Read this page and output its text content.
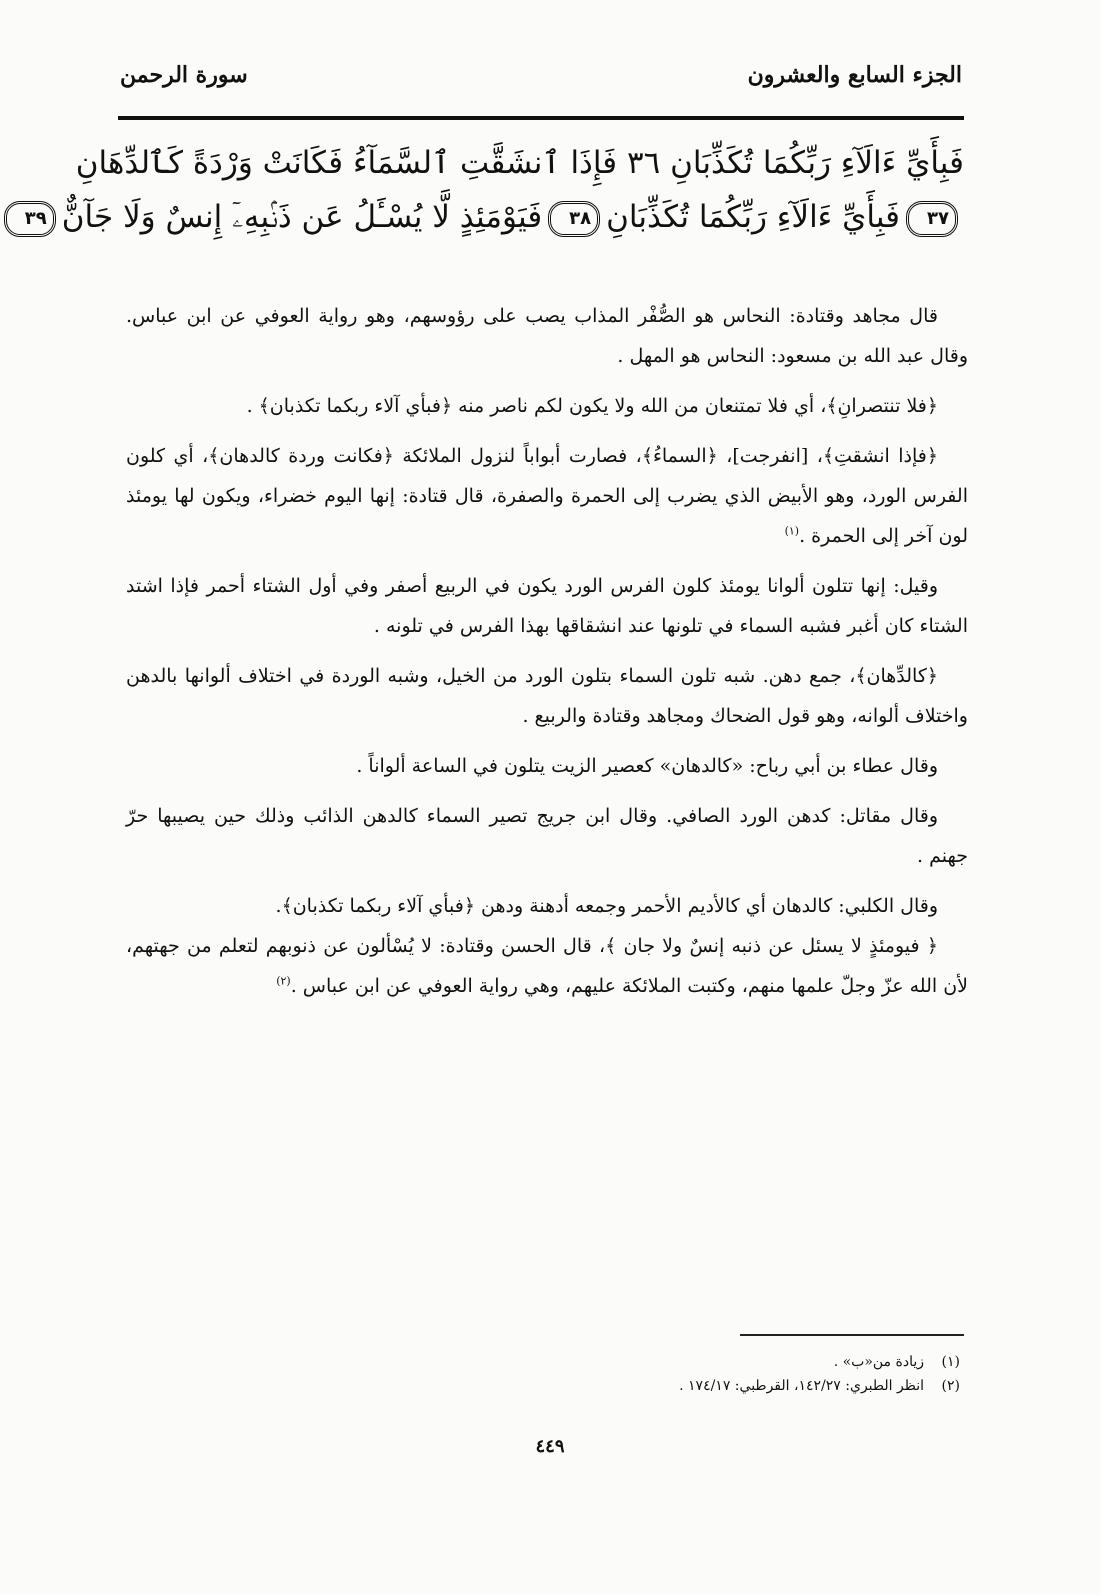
الجزء السابع والعشرون
سورة الرحمن
فَبِأَيِّ ءَالَآءِ رَبِّكُمَا تُكَذِّبَانِ ٣٦ فَإِذَا ٱنشَقَّتِ ٱلسَّمَآءُ فَكَانَتْ وَرْدَةً كَٱلدِّهَانِ
٣٧فَبِأَيِّ ءَالَآءِ رَبِّكُمَا تُكَذِّبَانِ٣٨فَيَوْمَئِذٍ لَّا يُسْـَٔلُ عَن ذَنۢبِهِۦٓ إِنسٌ وَلَا جَآنٌّ٣٩

قال مجاهد وقتادة: النحاس هو الصُّفْر المذاب يصب على رؤوسهم، وهو رواية العوفي عن ابن عباس. وقال عبد الله بن مسعود: النحاس هو المهل .

﴿فلا تنتصرانِ﴾، أي فلا تمتنعان من الله ولا يكون لكم ناصر منه ﴿فبأي آلاء ربكما تكذبان﴾ .

﴿فإذا انشقتِ﴾، [انفرجت]، ﴿السماءُ﴾، فصارت أبواباً لنزول الملائكة ﴿فكانت وردة كالدهان﴾، أي كلون الفرس الورد، وهو الأبيض الذي يضرب إلى الحمرة والصفرة، قال قتادة: إنها اليوم خضراء، ويكون لها يومئذ لون آخر إلى الحمرة .$^{(١)}$

وقيل: إنها تتلون ألوانا يومئذ كلون الفرس الورد يكون في الربيع أصفر وفي أول الشتاء أحمر فإذا اشتد الشتاء كان أغبر فشبه السماء في تلونها عند انشقاقها بهذا الفرس في تلونه .

﴿كالدِّهان﴾، جمع دهن. شبه تلون السماء بتلون الورد من الخيل، وشبه الوردة في اختلاف ألوانها بالدهن واختلاف ألوانه، وهو قول الضحاك ومجاهد وقتادة والربيع .

وقال عطاء بن أبي رباح: «كالدهان» كعصير الزيت يتلون في الساعة ألواناً .

وقال مقاتل: كدهن الورد الصافي. وقال ابن جريج تصير السماء كالدهن الذائب وذلك حين يصيبها حرّ جهنم .

وقال الكلبي: كالدهان أي كالأديم الأحمر وجمعه أدهنة ودهن ﴿فبأي آلاء ربكما تكذبان﴾.

﴿ فيومئذٍ لا يسئل عن ذنبه إنسٌ ولا جان ﴾، قال الحسن وقتادة: لا يُسْألون عن ذنوبهم لتعلم من جهتهم، لأن الله عزّ وجلّ علمها منهم، وكتبت الملائكة عليهم، وهي رواية العوفي عن ابن عباس .$^{(٢)}$

(١)زيادة من«ب» .
(٢)انظر الطبري: ١٤٢/٢٧، القرطبي: ١٧٤/١٧ .
٤٤٩
